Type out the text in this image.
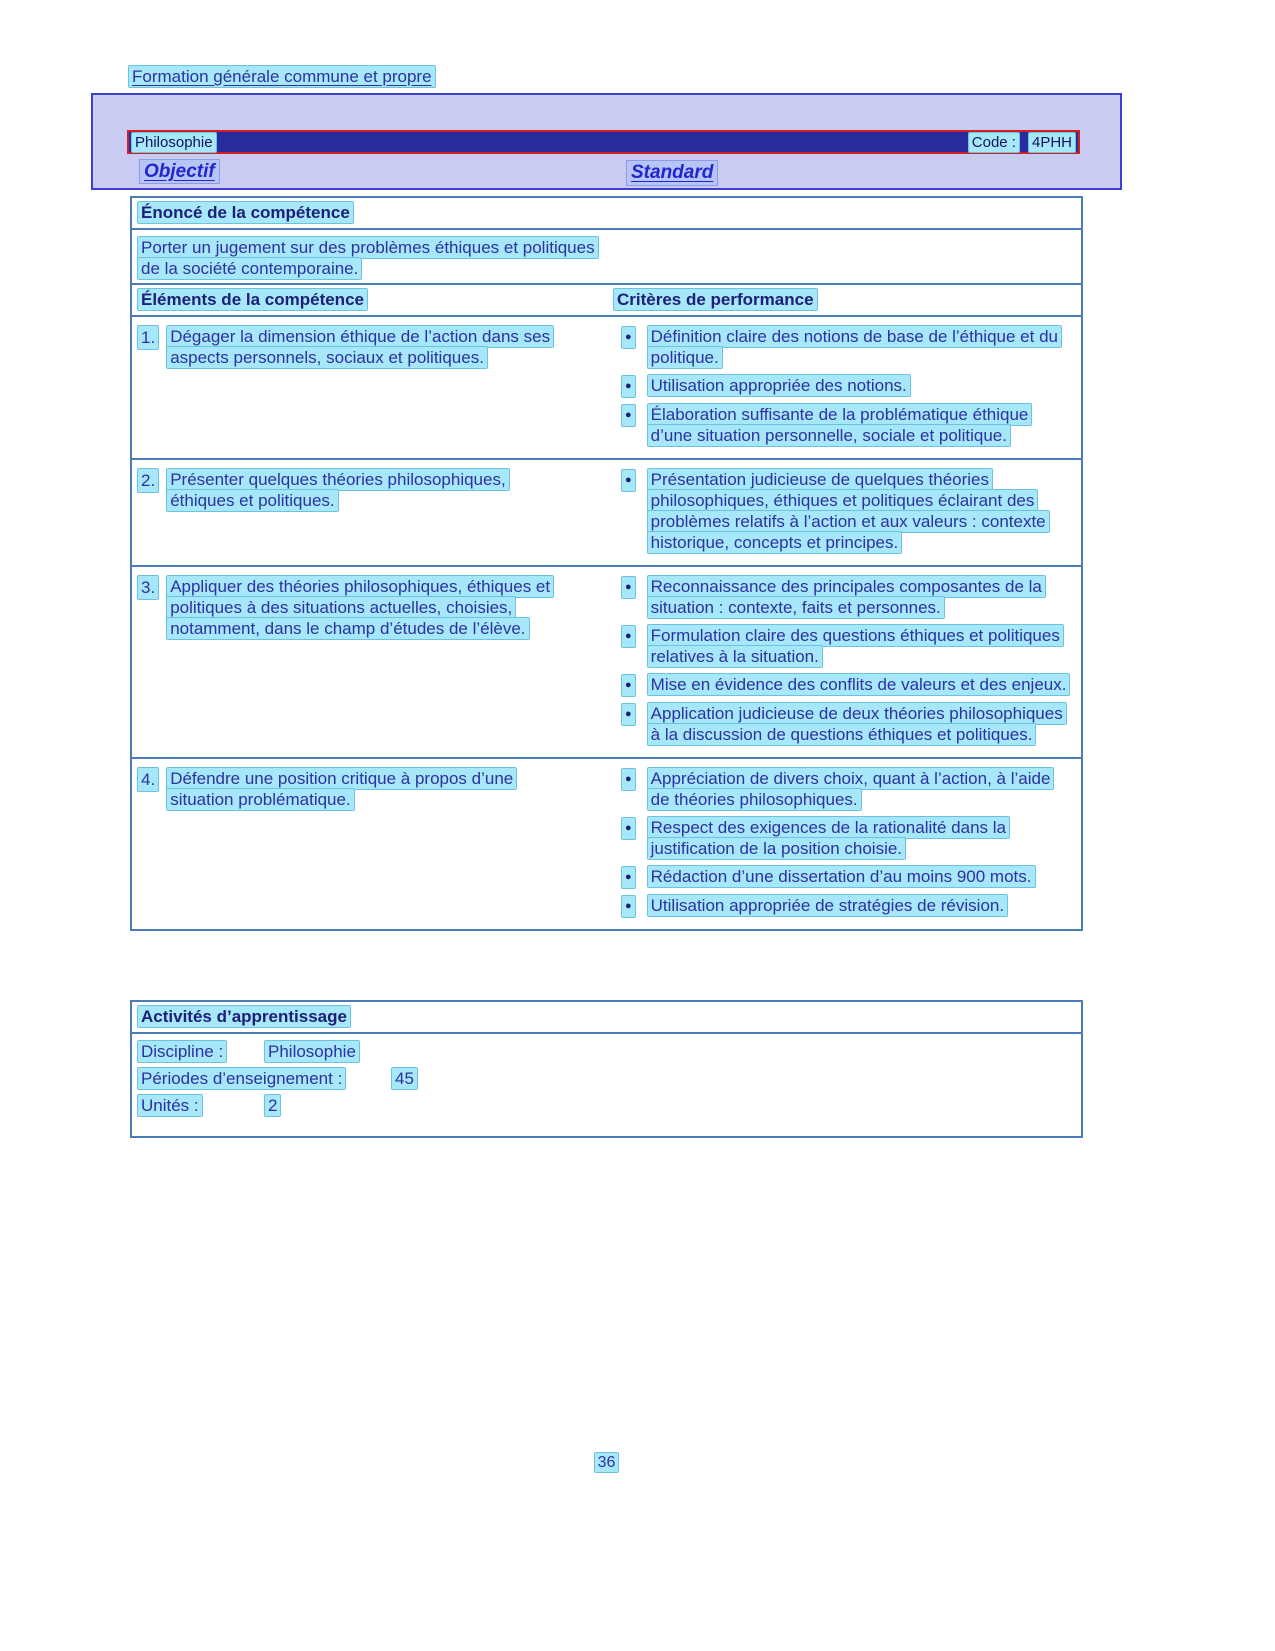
Formation générale commune et propre
Philosophie	Code : 4PHH
Objectif	Standard
Énoncé de la compétence

Porter un jugement sur des problèmes éthiques et politiques de la société contemporaine.

Éléments de la compétence	Critères de performance
1. Dégager la dimension éthique de l’action dans ses aspects personnels, sociaux et politiques.
● Définition claire des notions de base de l’éthique et du politique.
● Utilisation appropriée des notions.
● Élaboration suffisante de la problématique éthique d’une situation personnelle, sociale et politique.
2. Présenter quelques théories philosophiques, éthiques et politiques.
● Présentation judicieuse de quelques théories philosophiques, éthiques et politiques éclairant des problèmes relatifs à l’action et aux valeurs : contexte historique, concepts et principes.
3. Appliquer des théories philosophiques, éthiques et politiques à des situations actuelles, choisies, notamment, dans le champ d’études de l’élève.
● Reconnaissance des principales composantes de la situation : contexte, faits et personnes.
● Formulation claire des questions éthiques et politiques relatives à la situation.
● Mise en évidence des conflits de valeurs et des enjeux.
● Application judicieuse de deux théories philosophiques à la discussion de questions éthiques et politiques.
4. Défendre une position critique à propos d’une situation problématique.
● Appréciation de divers choix, quant à l’action, à l’aide de théories philosophiques.
● Respect des exigences de la rationalité dans la justification de la position choisie.
● Rédaction d’une dissertation d’au moins 900 mots.
● Utilisation appropriée de stratégies de révision.
Activités d’apprentissage
Discipline :	Philosophie
Périodes d’enseignement :	45
Unités :	2
36
